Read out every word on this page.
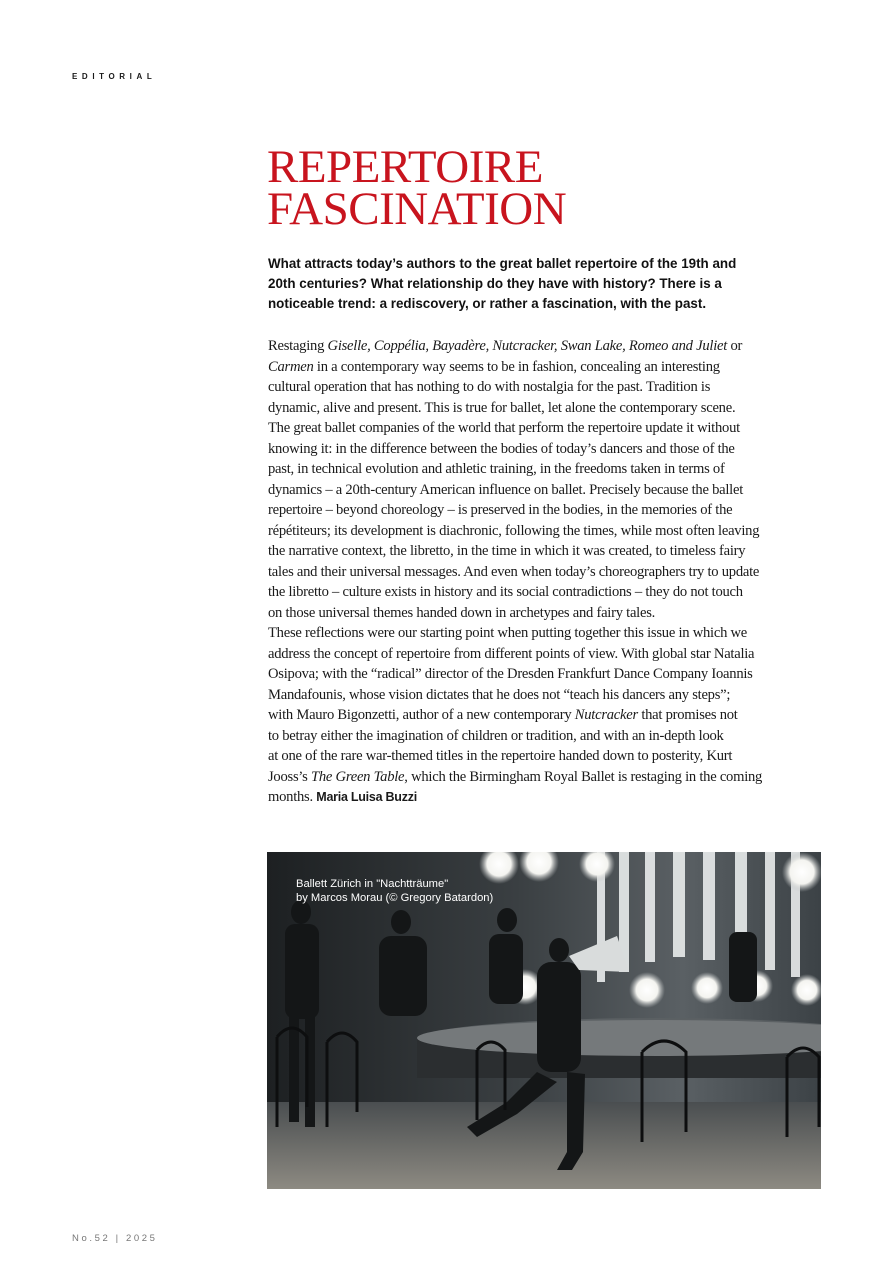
EDITORIAL
REPERTOIRE
FASCINATION

What attracts today’s authors to the great ballet repertoire of the 19th and
20th centuries? What relationship do they have with history? There is a
noticeable trend: a rediscovery, or rather a fascination, with the past.

Restaging Giselle, Coppélia, Bayadère, Nutcracker, Swan Lake, Romeo and Juliet or
Carmen in a contemporary way seems to be in fashion, concealing an interesting
cultural operation that has nothing to do with nostalgia for the past. Tradition is
dynamic, alive and present. This is true for ballet, let alone the contemporary scene.
The great ballet companies of the world that perform the repertoire update it without
knowing it: in the difference between the bodies of today’s dancers and those of the
past, in technical evolution and athletic training, in the freedoms taken in terms of
dynamics – a 20th-century American influence on ballet. Precisely because the ballet
repertoire – beyond choreology – is preserved in the bodies, in the memories of the
répétiteurs; its development is diachronic, following the times, while most often leaving
the narrative context, the libretto, in the time in which it was created, to timeless fairy
tales and their universal messages. And even when today’s choreographers try to update
the libretto – culture exists in history and its social contradictions – they do not touch
on those universal themes handed down in archetypes and fairy tales.
These reflections were our starting point when putting together this issue in which we
address the concept of repertoire from different points of view. With global star Natalia
Osipova; with the “radical” director of the Dresden Frankfurt Dance Company Ioannis
Mandafounis, whose vision dictates that he does not “teach his dancers any steps”;
with Mauro Bigonzetti, author of a new contemporary Nutcracker that promises not
to betray either the imagination of children or tradition, and with an in-depth look
at one of the rare war-themed titles in the repertoire handed down to posterity, Kurt
Jooss’s The Green Table, which the Birmingham Royal Ballet is restaging in the coming
months. Maria Luisa Buzzi
Ballett Zürich in "Nachtträume"
by Marcos Morau (© Gregory Batardon)
No.52 | 2025
